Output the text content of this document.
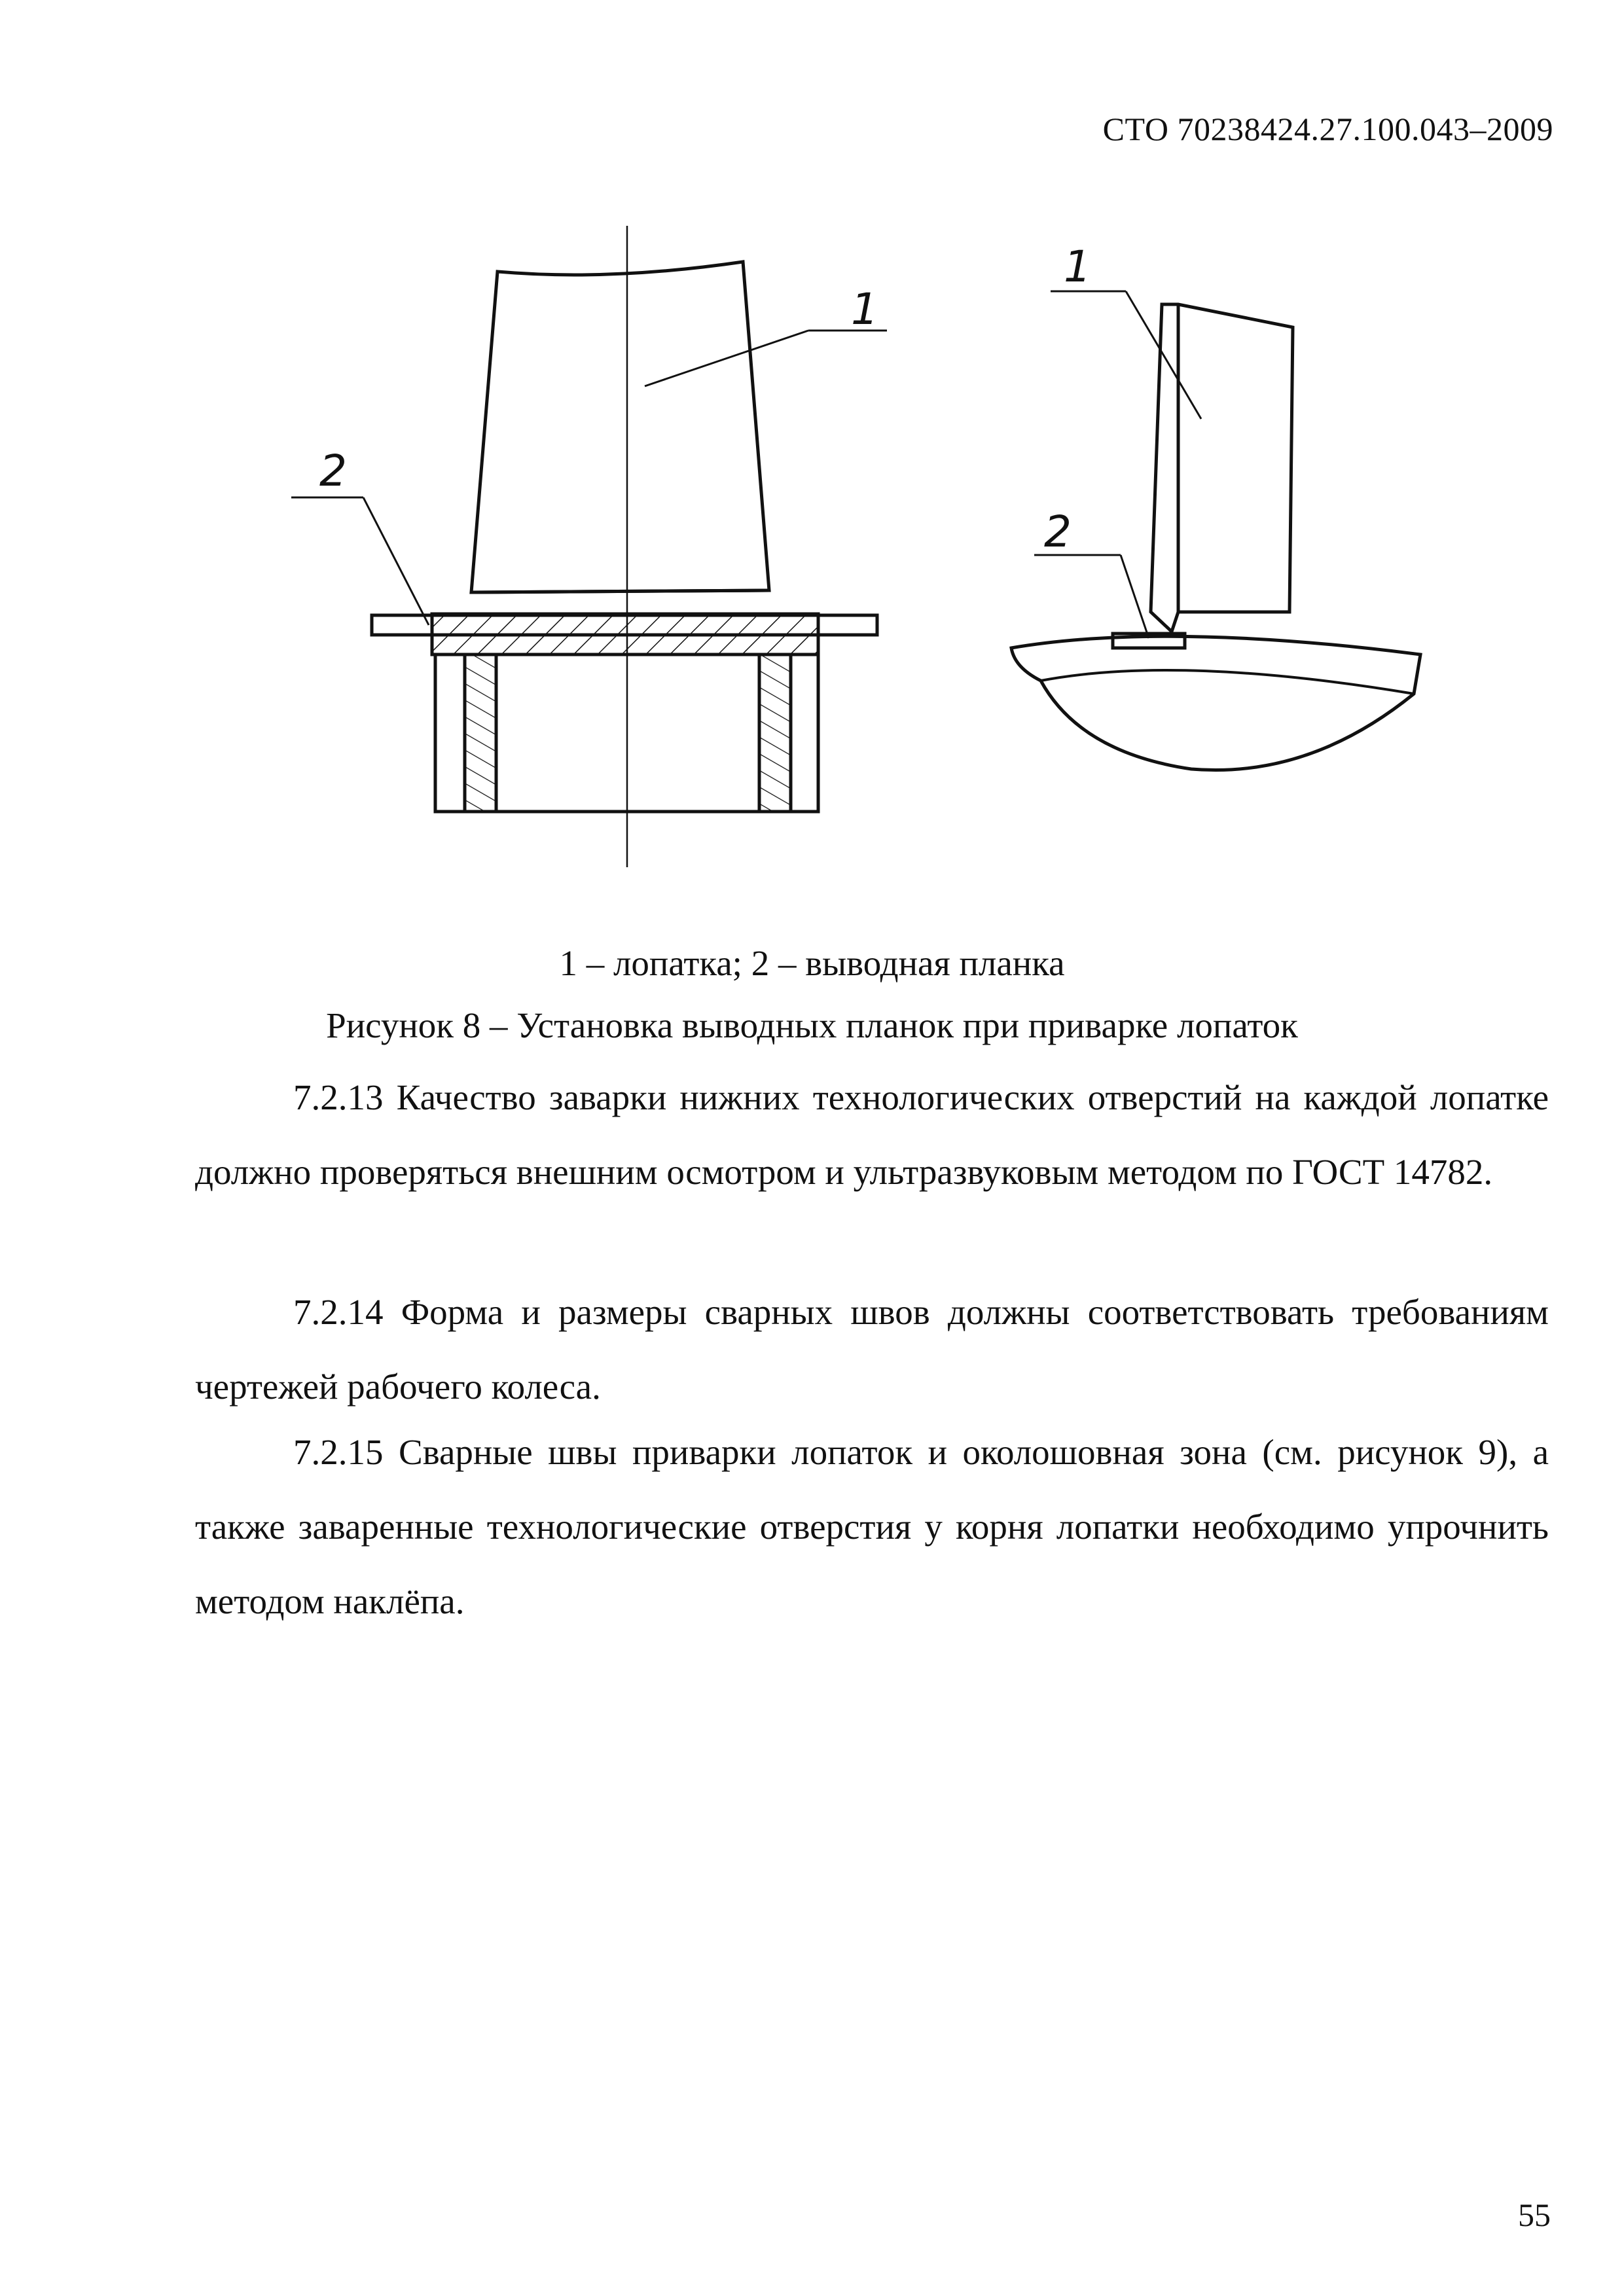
СТО 70238424.27.100.043–2009
1
2
1
2
1 – лопатка; 2 – выводная планка
Рисунок 8 – Установка выводных планок при приварке лопаток

7.2.13 Качество заварки нижних технологических отверстий на каждой лопатке должно проверяться внешним осмотром и ультразвуковым методом по ГОСТ 14782.

7.2.14 Форма и размеры сварных швов должны соответствовать требованиям чертежей рабочего колеса.

7.2.15 Сварные швы приварки лопаток и околошовная зона (см. рисунок 9), а также заваренные технологические отверстия у корня лопатки необходимо упрочнить методом наклёпа.

55
